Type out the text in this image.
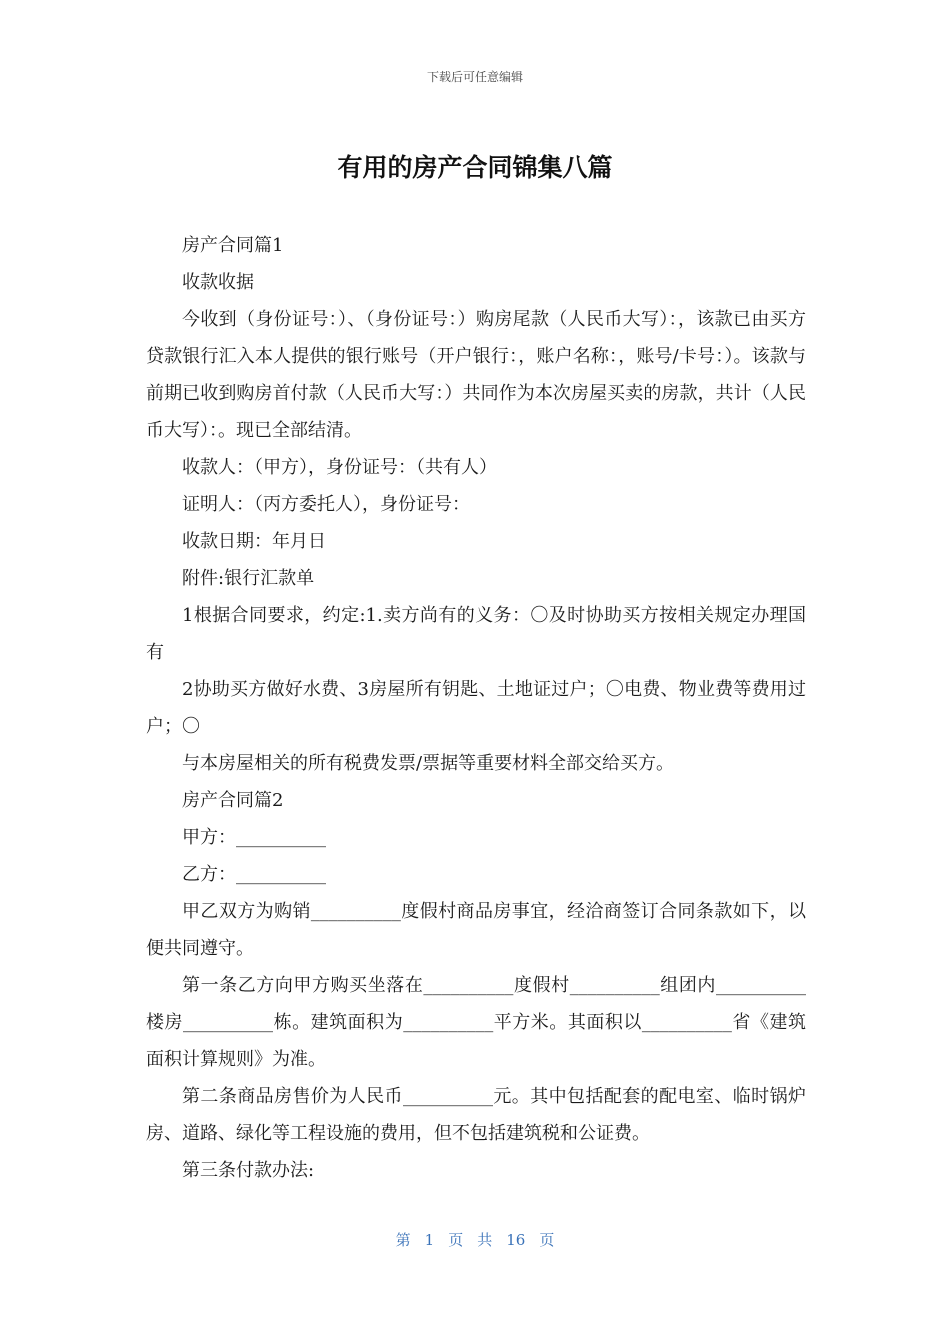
下载后可任意编辑
有用的房产合同锦集八篇

房产合同篇1

收款收据

今收到（身份证号：）、（身份证号：）购房尾款（人民币大写）：，该款已由买方贷款银行汇入本人提供的银行账号（开户银行：，账户名称：，账号/卡号：）。该款与前期已收到购房首付款（人民币大写：）共同作为本次房屋买卖的房款，共计（人民币大写）：。现已全部结清。

收款人：（甲方），身份证号：（共有人）

证明人：（丙方委托人），身份证号：

收款日期：年月日

附件:银行汇款单

1根据合同要求，约定:1.卖方尚有的义务：〇及时协助买方按相关规定办理国有

2协助买方做好水费、3房屋所有钥匙、土地证过户；〇电费、物业费等费用过户；〇

与本房屋相关的所有税费发票/票据等重要材料全部交给买方。

房产合同篇2

甲方：__________

乙方：__________

甲乙双方为购销__________度假村商品房事宜，经洽商签订合同条款如下，以便共同遵守。

第一条乙方向甲方购买坐落在__________度假村__________组团内__________楼房__________栋。建筑面积为__________平方米。其面积以__________省《建筑面积计算规则》为准。

第二条商品房售价为人民币__________元。其中包括配套的配电室、临时锅炉房、道路、绿化等工程设施的费用，但不包括建筑税和公证费。

第三条付款办法:

第 1 页 共 16 页
